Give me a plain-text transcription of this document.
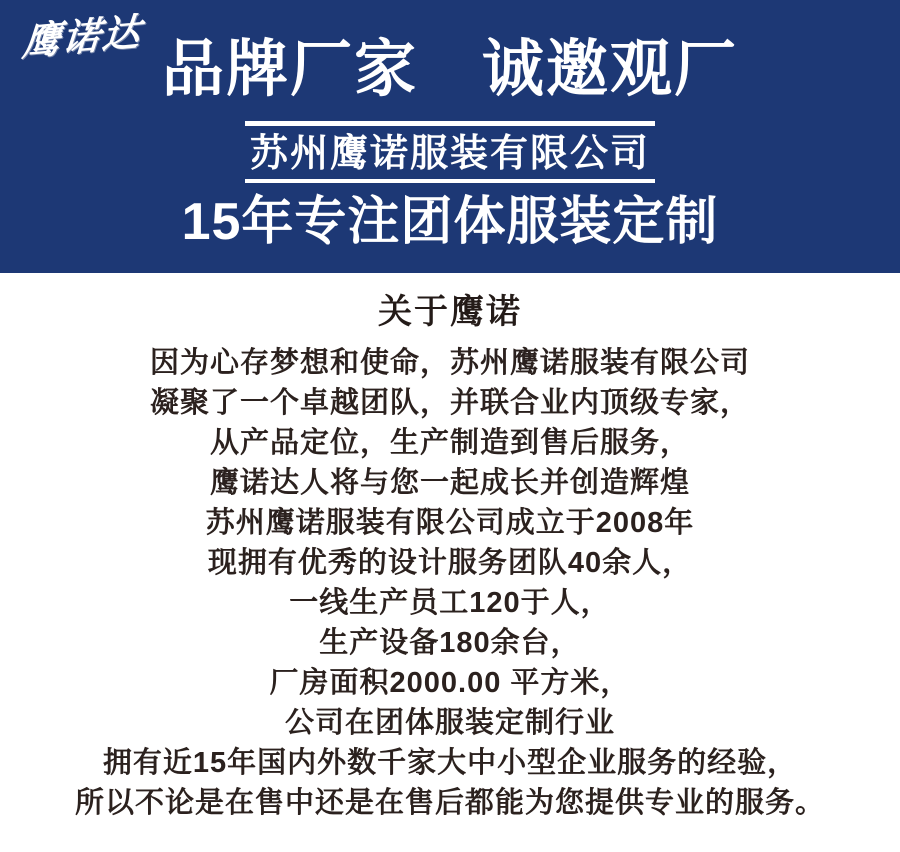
鹰诺达 品牌厂家　诚邀观厂
苏州鹰诺服装有限公司
15年专注团体服装定制
关于鹰诺

因为心存梦想和使命，苏州鹰诺服装有限公司

凝聚了一个卓越团队，并联合业内顶级专家，

从产品定位，生产制造到售后服务，

鹰诺达人将与您一起成长并创造辉煌

苏州鹰诺服装有限公司成立于2008年

现拥有优秀的设计服务团队40余人，

一线生产员工120于人，

生产设备180余台，

厂房面积2000.00 平方米，

公司在团体服装定制行业

拥有近15年国内外数千家大中小型企业服务的经验，

所以不论是在售中还是在售后都能为您提供专业的服务。
